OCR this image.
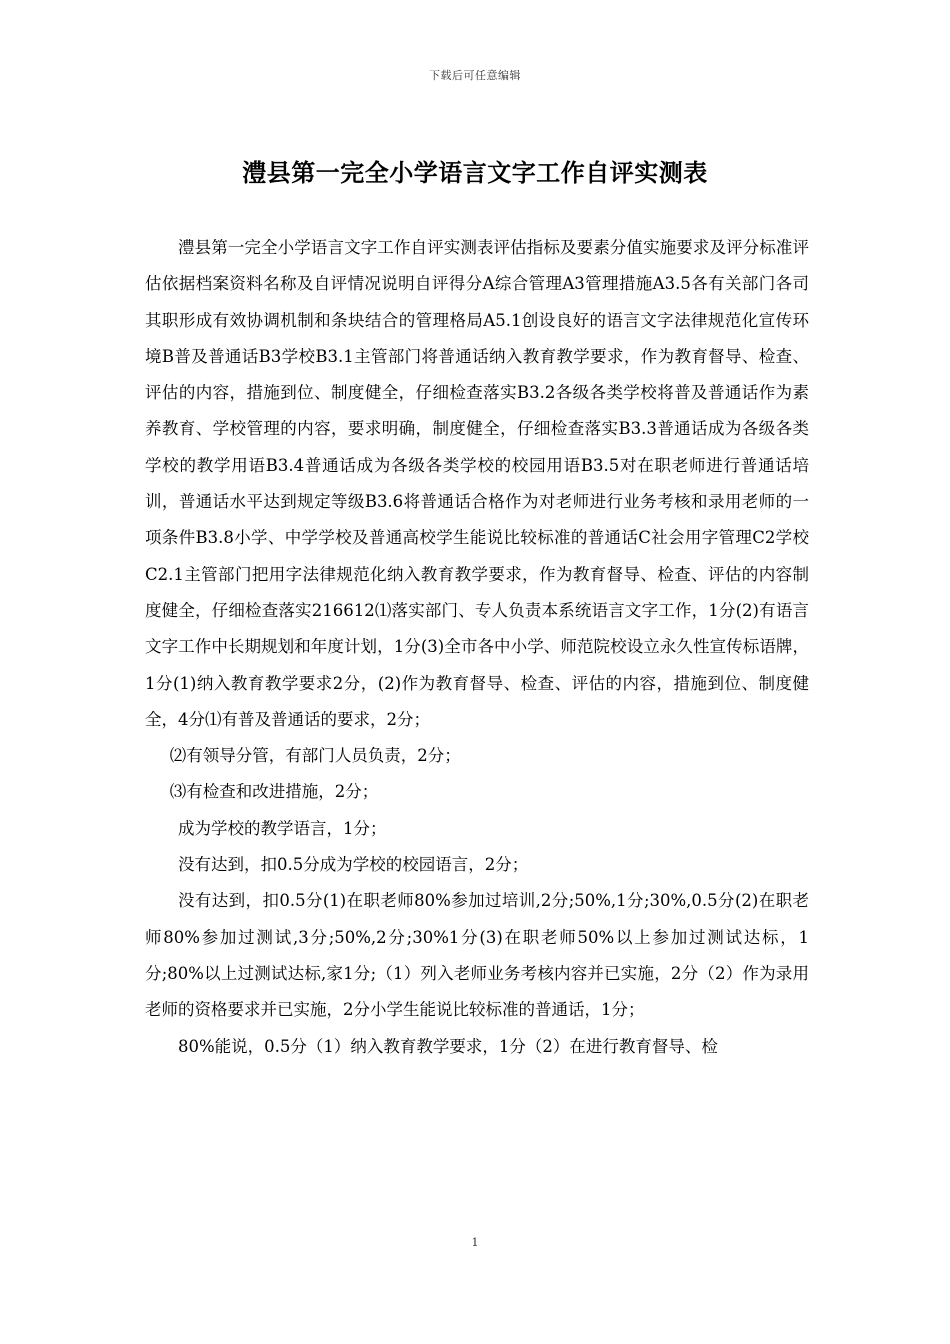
下载后可任意编辑
澧县第一完全小学语言文字工作自评实测表

澧县第一完全小学语言文字工作自评实测表评估指标及要素分值实施要求及评分标准评估依据档案资料名称及自评情况说明自评得分A综合管理A3管理措施A3.5各有关部门各司其职形成有效协调机制和条块结合的管理格局A5.1创设良好的语言文字法律规范化宣传环境B普及普通话B3学校B3.1主管部门将普通话纳入教育教学要求，作为教育督导、检查、评估的内容，措施到位、制度健全，仔细检查落实B3.2各级各类学校将普及普通话作为素养教育、学校管理的内容，要求明确，制度健全，仔细检查落实B3.3普通话成为各级各类学校的教学用语B3.4普通话成为各级各类学校的校园用语B3.5对在职老师进行普通话培训，普通话水平达到规定等级B3.6将普通话合格作为对老师进行业务考核和录用老师的一项条件B3.8小学、中学学校及普通高校学生能说比较标准的普通话C社会用字管理C2学校C2.1主管部门把用字法律规范化纳入教育教学要求，作为教育督导、检查、评估的内容制度健全，仔细检查落实216612⑴落实部门、专人负责本系统语言文字工作，1分(2)有语言文字工作中长期规划和年度计划，1分(3)全市各中小学、师范院校设立永久性宣传标语牌，1分(1)纳入教育教学要求2分，(2)作为教育督导、检查、评估的内容，措施到位、制度健全，4分⑴有普及普通话的要求，2分；

⑵有领导分管，有部门人员负责，2分；

⑶有检查和改进措施，2分；

成为学校的教学语言，1分；

没有达到，扣0.5分成为学校的校园语言，2分；

没有达到，扣0.5分(1)在职老师80%参加过培训,2分;50%,1分;30%,0.5分(2)在职老师80%参加过测试,3分;50%,2分;30%1分(3)在职老师50%以上参加过测试达标，1分;80%以上过测试达标,家1分;（1）列入老师业务考核内容并已实施，2分（2）作为录用老师的资格要求并已实施，2分小学生能说比较标准的普通话，1分；

80%能说，0.5分（1）纳入教育教学要求，1分（2）在进行教育督导、检

1
